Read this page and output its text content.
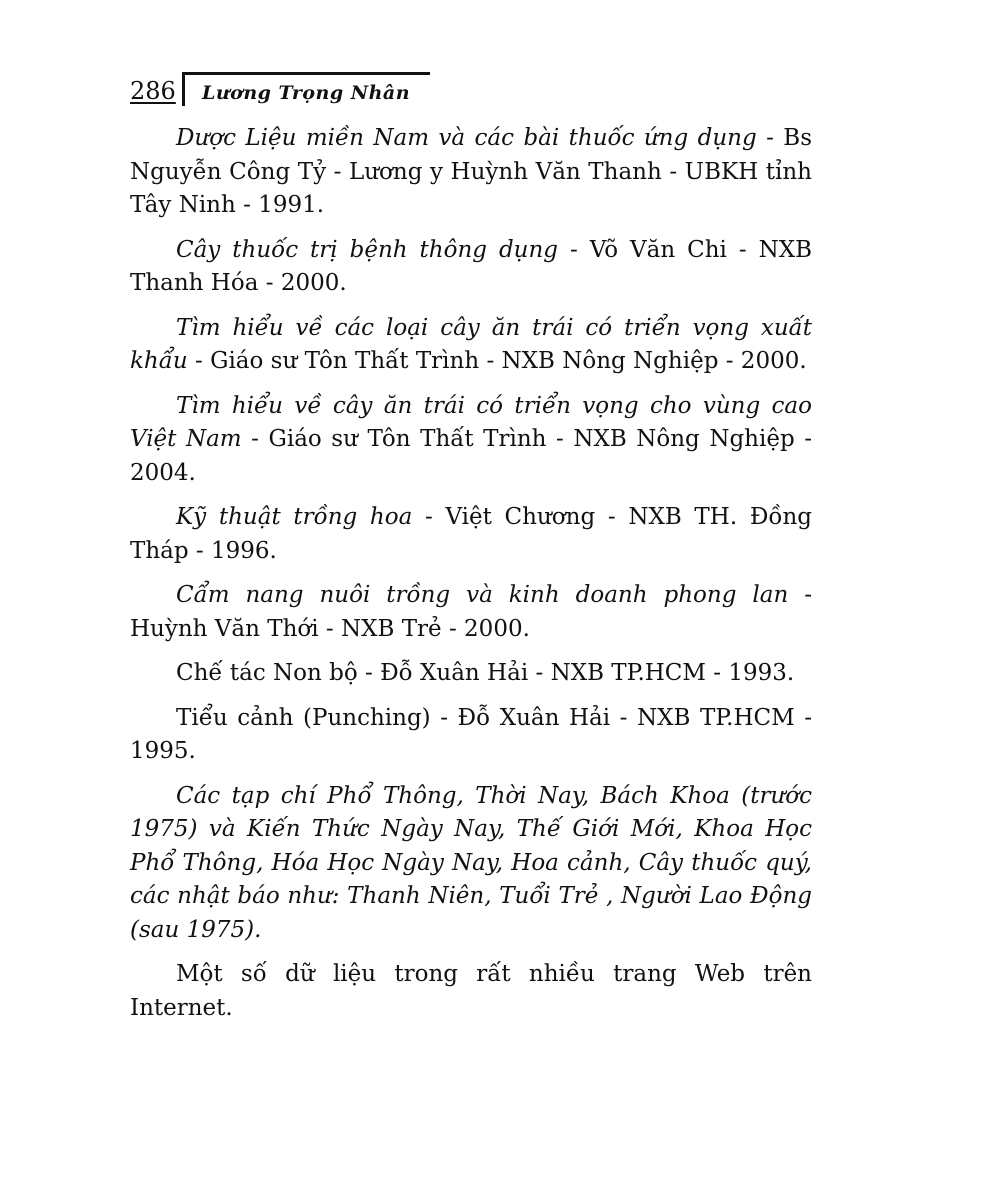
286 Lương Trọng Nhân

Dược Liệu miền Nam và các bài thuốc ứng dụng - Bs Nguyễn Công Tỷ - Lương y Huỳnh Văn Thanh - UBKH tỉnh Tây Ninh - 1991.

Cây thuốc trị bệnh thông dụng - Võ Văn Chi - NXB Thanh Hóa - 2000.

Tìm hiểu về các loại cây ăn trái có triển vọng xuất khẩu - Giáo sư Tôn Thất Trình - NXB Nông Nghiệp - 2000.

Tìm hiểu về cây ăn trái có triển vọng cho vùng cao Việt Nam - Giáo sư Tôn Thất Trình - NXB Nông Nghiệp - 2004.

Kỹ thuật trồng hoa - Việt Chương - NXB TH. Đồng Tháp - 1996.

Cẩm nang nuôi trồng và kinh doanh phong lan - Huỳnh Văn Thới - NXB Trẻ - 2000.

Chế tác Non bộ - Đỗ Xuân Hải - NXB TP.HCM - 1993.

Tiểu cảnh (Punching) - Đỗ Xuân Hải - NXB TP.HCM - 1995.

Các tạp chí Phổ Thông, Thời Nay, Bách Khoa (trước 1975) và Kiến Thức Ngày Nay, Thế Giới Mới, Khoa Học Phổ Thông, Hóa Học Ngày Nay, Hoa cảnh, Cây thuốc quý, các nhật báo như: Thanh Niên, Tuổi Trẻ , Người Lao Động (sau 1975).

Một số dữ liệu trong rất nhiều trang Web trên Internet.
